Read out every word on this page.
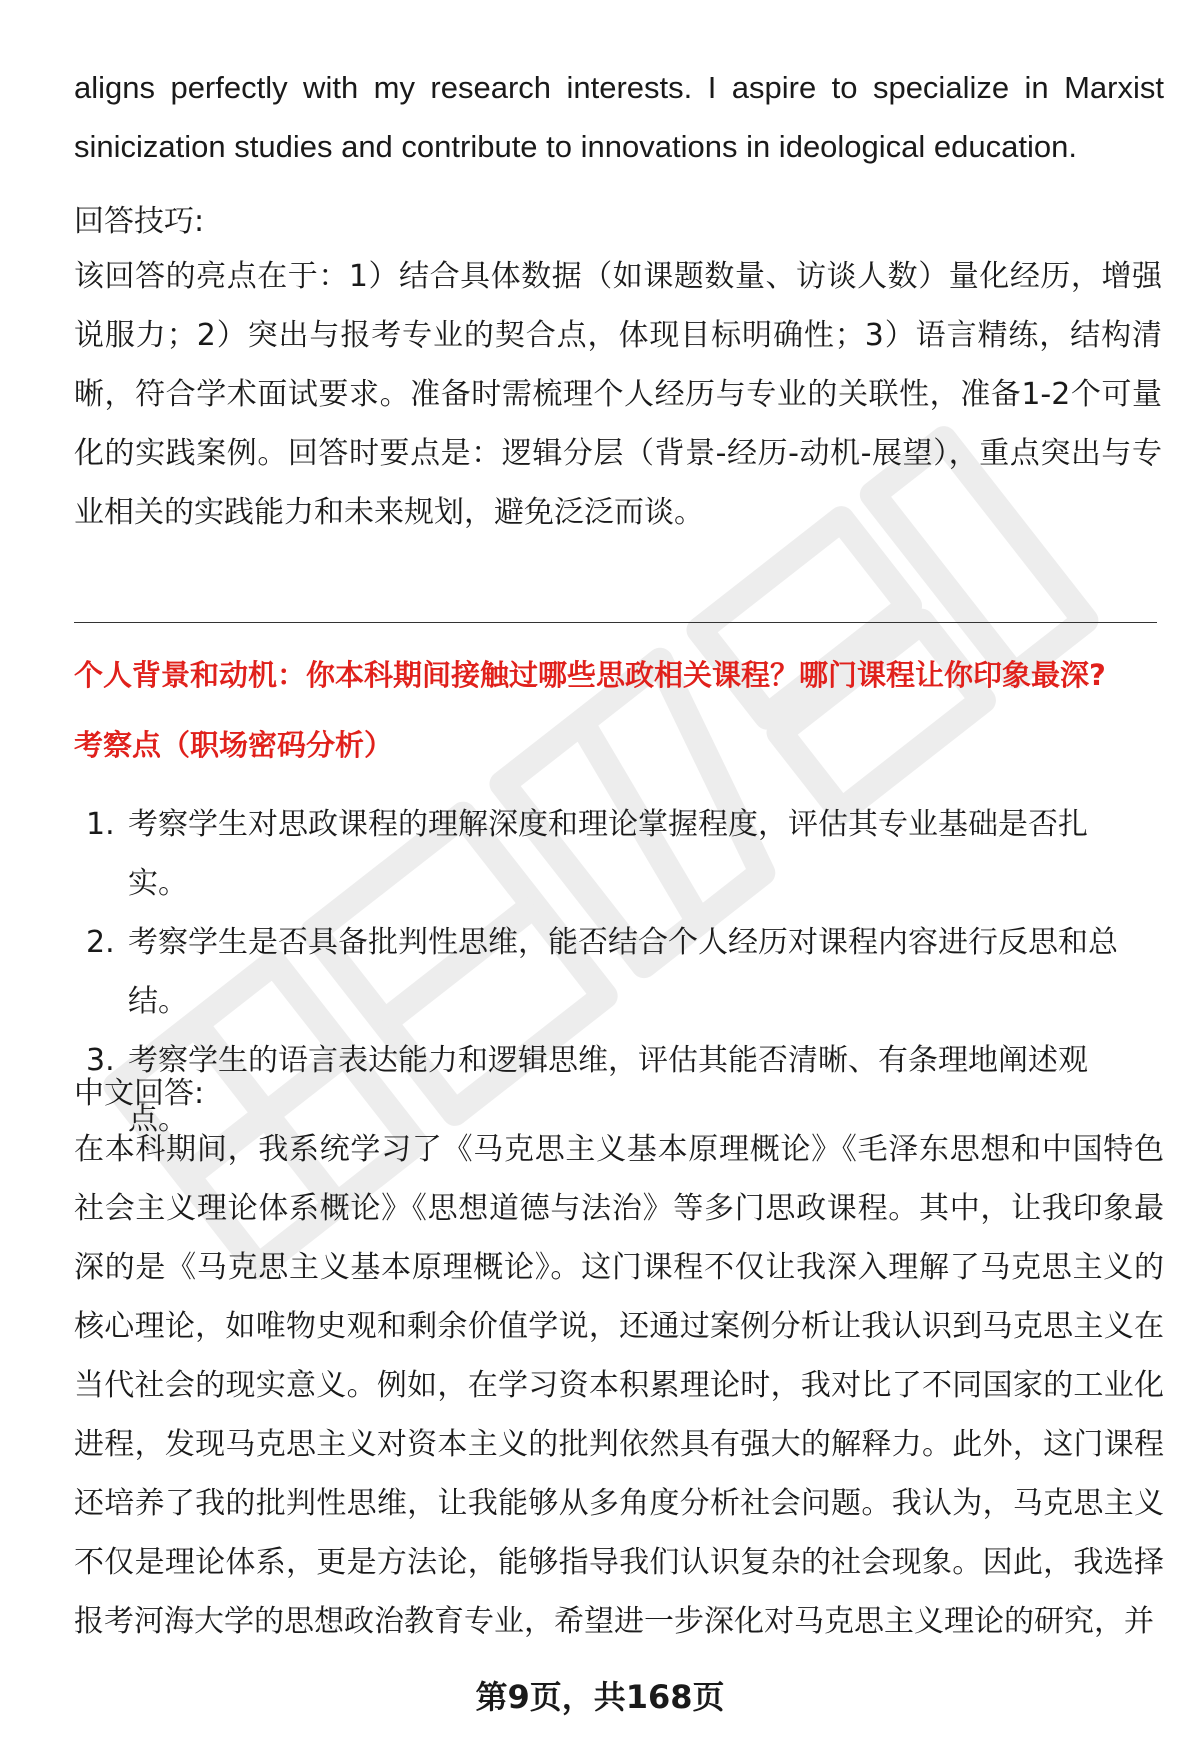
aligns perfectly with my research interests. I aspire to specialize in Marxist sinicization studies and contribute to innovations in ideological education.

回答技巧:

该回答的亮点在于：1）结合具体数据（如课题数量、访谈人数）量化经历，增强说服力；2）突出与报考专业的契合点，体现目标明确性；3）语言精练，结构清晰，符合学术面试要求。准备时需梳理个人经历与专业的关联性，准备1-2个可量化的实践案例。回答时要点是：逻辑分层（背景-经历-动机-展望），重点突出与专业相关的实践能力和未来规划，避免泛泛而谈。

个人背景和动机：你本科期间接触过哪些思政相关课程？哪门课程让你印象最深?

考察点（职场密码分析）

1. 考察学生对思政课程的理解深度和理论掌握程度，评估其专业基础是否扎实。
2. 考察学生是否具备批判性思维，能否结合个人经历对课程内容进行反思和总结。
3. 考察学生的语言表达能力和逻辑思维，评估其能否清晰、有条理地阐述观点。

中文回答:

在本科期间，我系统学习了《马克思主义基本原理概论》《毛泽东思想和中国特色社会主义理论体系概论》《思想道德与法治》等多门思政课程。其中，让我印象最深的是《马克思主义基本原理概论》。这门课程不仅让我深入理解了马克思主义的核心理论，如唯物史观和剩余价值学说，还通过案例分析让我认识到马克思主义在当代社会的现实意义。例如，在学习资本积累理论时，我对比了不同国家的工业化进程，发现马克思主义对资本主义的批判依然具有强大的解释力。此外，这门课程还培养了我的批判性思维，让我能够从多角度分析社会问题。我认为，马克思主义不仅是理论体系，更是方法论，能够指导我们认识复杂的社会现象。因此，我选择报考河海大学的思想政治教育专业，希望进一步深化对马克思主义理论的研究，并

第9页，共168页
